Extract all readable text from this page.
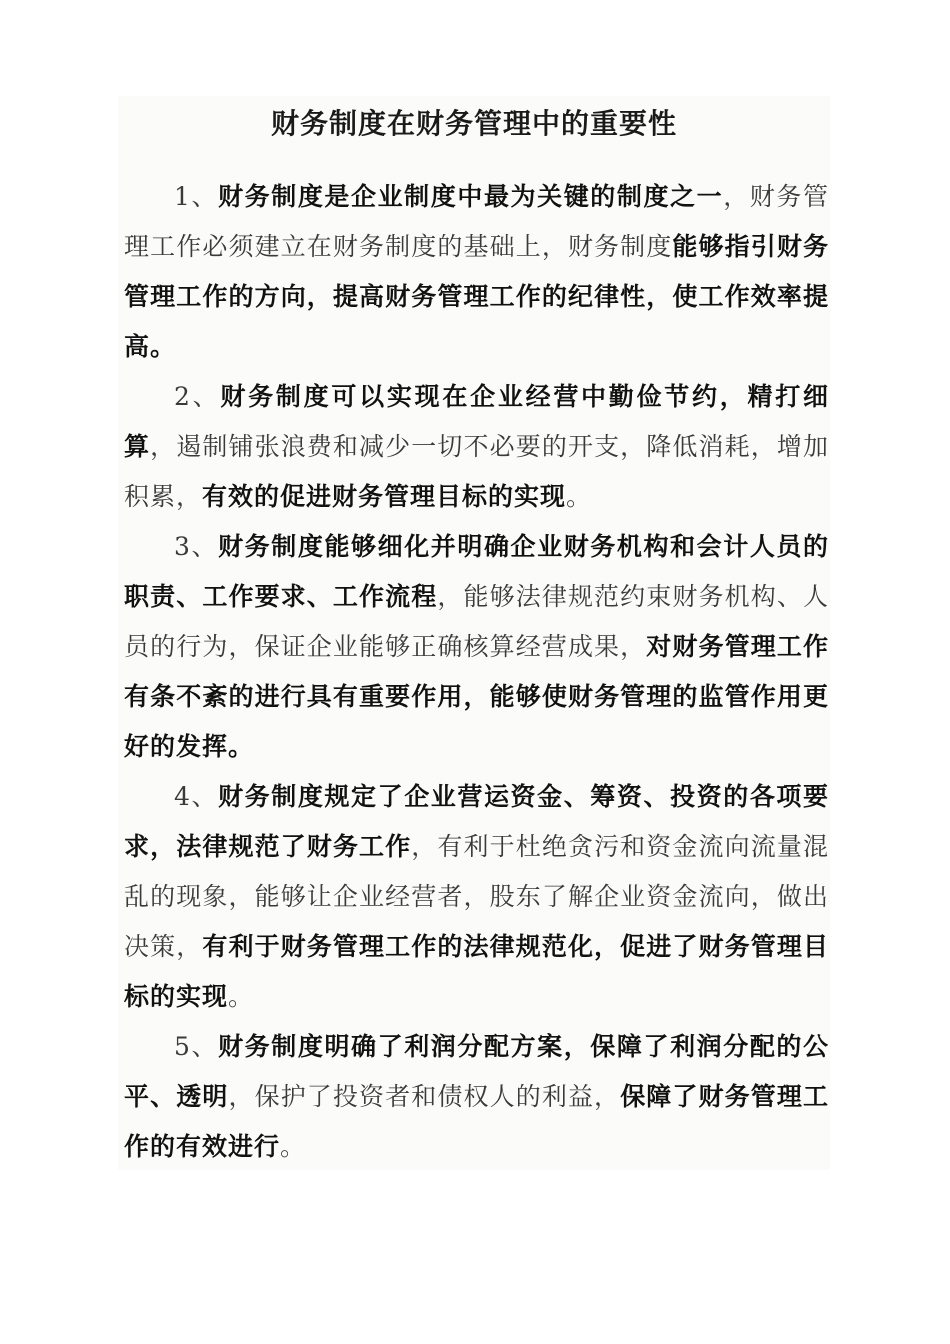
财务制度在财务管理中的重要性

1、财务制度是企业制度中最为关键的制度之一，财务管理工作必须建立在财务制度的基础上，财务制度能够指引财务管理工作的方向，提高财务管理工作的纪律性，使工作效率提高。

2、财务制度可以实现在企业经营中勤俭节约，精打细算，遏制铺张浪费和减少一切不必要的开支，降低消耗，增加积累，有效的促进财务管理目标的实现。

3、财务制度能够细化并明确企业财务机构和会计人员的职责、工作要求、工作流程，能够法律规范约束财务机构、人员的行为，保证企业能够正确核算经营成果，对财务管理工作有条不紊的进行具有重要作用，能够使财务管理的监管作用更好的发挥。

4、财务制度规定了企业营运资金、筹资、投资的各项要求，法律规范了财务工作，有利于杜绝贪污和资金流向流量混乱的现象，能够让企业经营者，股东了解企业资金流向，做出决策，有利于财务管理工作的法律规范化，促进了财务管理目标的实现。

5、财务制度明确了利润分配方案，保障了利润分配的公平、透明，保护了投资者和债权人的利益，保障了财务管理工作的有效进行。
